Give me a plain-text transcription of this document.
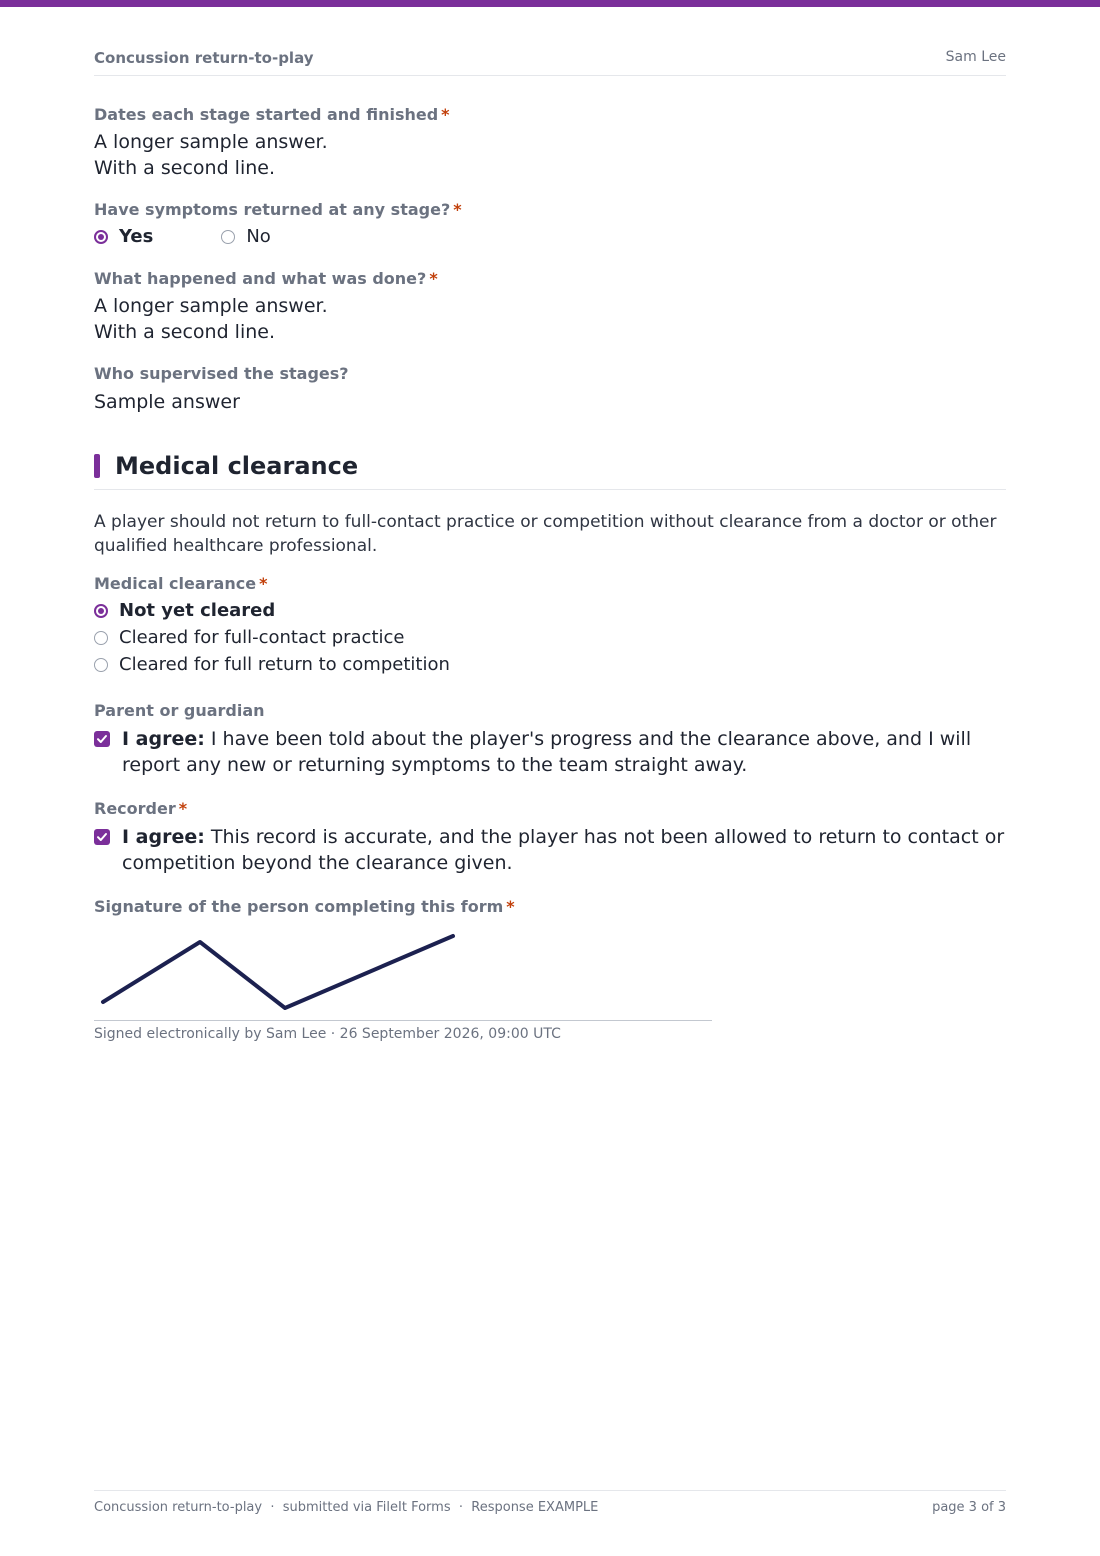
Concussion return-to-play	Sam Lee
Dates each stage started and finished *
A longer sample answer.
With a second line.
Have symptoms returned at any stage? *
Yes	No
What happened and what was done? *
A longer sample answer.
With a second line.
Who supervised the stages?
Sample answer
Medical clearance
A player should not return to full-contact practice or competition without clearance from a doctor or other qualified healthcare professional.
Medical clearance *
Not yet cleared
Cleared for full-contact practice
Cleared for full return to competition
Parent or guardian
I agree: I have been told about the player's progress and the clearance above, and I will report any new or returning symptoms to the team straight away.
Recorder *
I agree: This record is accurate, and the player has not been allowed to return to contact or competition beyond the clearance given.
Signature of the person completing this form *
Signed electronically by Sam Lee · 26 September 2026, 09:00 UTC
Concussion return-to-play  ·  submitted via FileIt Forms  ·  Response EXAMPLE	page 3 of 3
